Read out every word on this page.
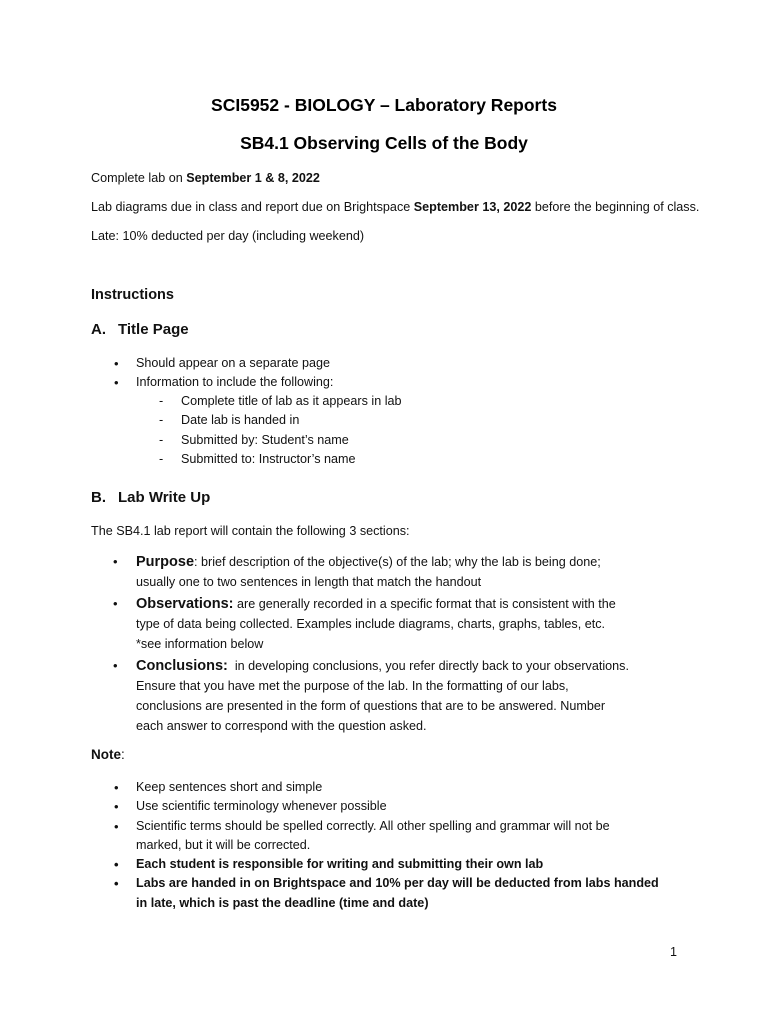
SCI5952 - BIOLOGY – Laboratory Reports
SB4.1 Observing Cells of the Body
Complete lab on September 1 & 8, 2022
Lab diagrams due in class and report due on Brightspace September 13, 2022 before the beginning of class.
Late: 10% deducted per day (including weekend)
Instructions
A. Title Page
• Should appear on a separate page
• Information to include the following:
- Complete title of lab as it appears in lab
- Date lab is handed in
- Submitted by: Student’s name
- Submitted to: Instructor’s name
B. Lab Write Up
The SB4.1 lab report will contain the following 3 sections:
• Purpose: brief description of the objective(s) of the lab; why the lab is being done;
usually one to two sentences in length that match the handout
• Observations: are generally recorded in a specific format that is consistent with the
type of data being collected. Examples include diagrams, charts, graphs, tables, etc.
*see information below
• Conclusions: in developing conclusions, you refer directly back to your observations.
Ensure that you have met the purpose of the lab. In the formatting of our labs,
conclusions are presented in the form of questions that are to be answered. Number
each answer to correspond with the question asked.
Note:
• Keep sentences short and simple
• Use scientific terminology whenever possible
• Scientific terms should be spelled correctly. All other spelling and grammar will not be
marked, but it will be corrected.
• Each student is responsible for writing and submitting their own lab
• Labs are handed in on Brightspace and 10% per day will be deducted from labs handed
in late, which is past the deadline (time and date)
1
